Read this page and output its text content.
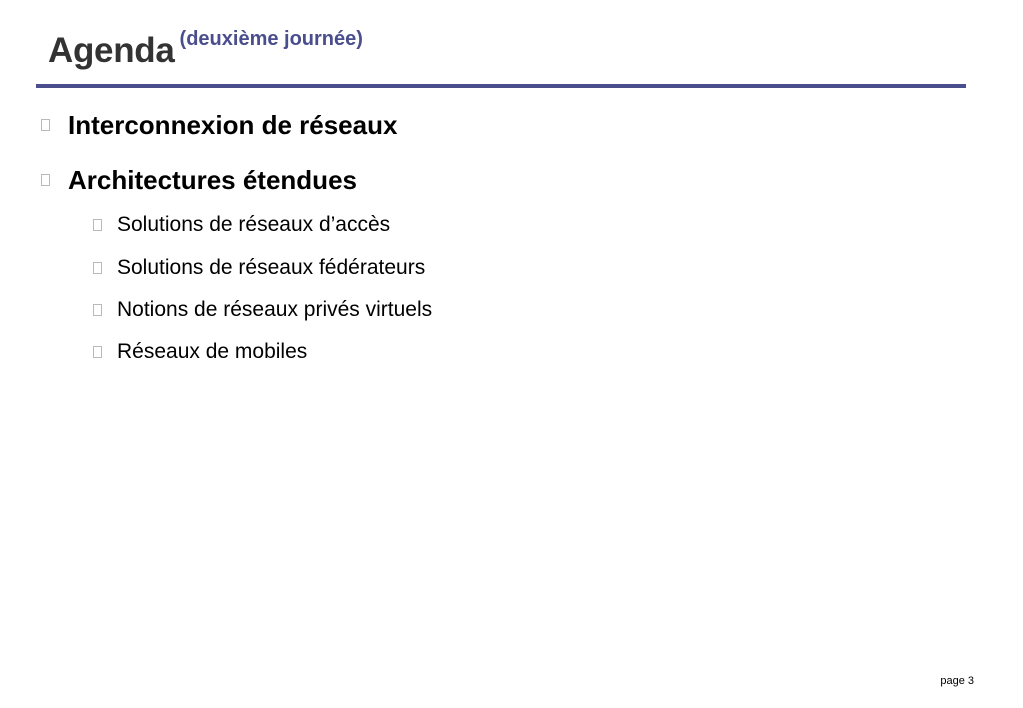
Agenda (deuxième journée)
Interconnexion de réseaux
Architectures étendues
Solutions de réseaux d’accès
Solutions de réseaux fédérateurs
Notions de réseaux privés virtuels
Réseaux de mobiles
page 3
